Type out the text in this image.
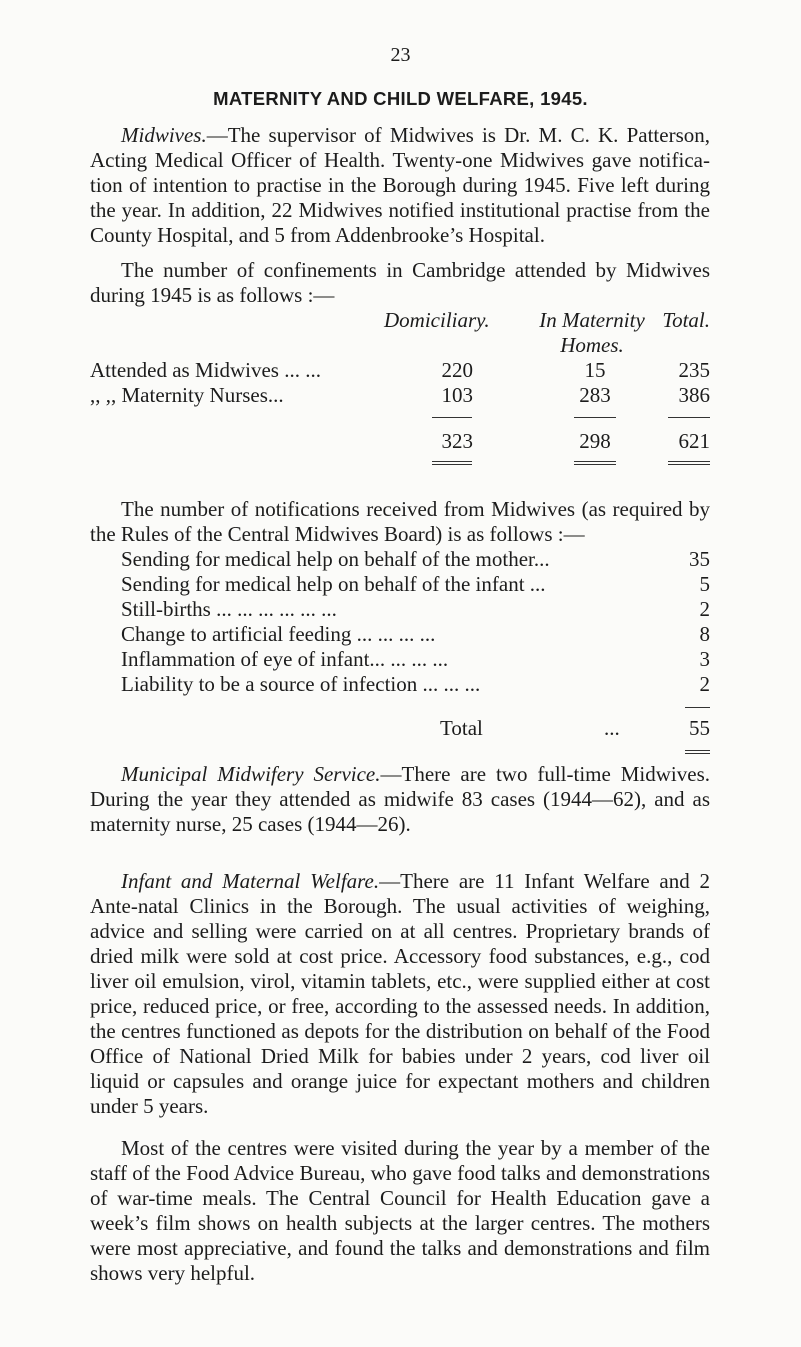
23
MATERNITY AND CHILD WELFARE, 1945.
Midwives.—The supervisor of Midwives is Dr. M. C. K. Patterson, Acting Medical Officer of Health. Twenty-one Midwives gave notification of intention to practise in the Borough during 1945. Five left during the year. In addition, 22 Midwives notified institutional practise from the County Hospital, and 5 from Addenbrooke’s Hospital.
The number of confinements in Cambridge attended by Midwives during 1945 is as follows :—
Domiciliary.	In Maternity Total.
Homes.
Attended as Midwives ... ...	220	15	235
,, ,, Maternity Nurses...	103	283	386
323	298	621
The number of notifications received from Midwives (as required by the Rules of the Central Midwives Board) is as follows :—
Sending for medical help on behalf of the mother...	35
Sending for medical help on behalf of the infant ...	5
Still-births ... ... ... ... ... ...	2
Change to artificial feeding ... ... ... ...	8
Inflammation of eye of infant... ... ... ...	3
Liability to be a source of infection ... ... ...	2
Total	...	55
Municipal Midwifery Service.—There are two full-time Midwives. During the year they attended as midwife 83 cases (1944—62), and as maternity nurse, 25 cases (1944—26).
Infant and Maternal Welfare.—There are 11 Infant Welfare and 2 Ante-natal Clinics in the Borough. The usual activities of weighing, advice and selling were carried on at all centres. Proprietary brands of dried milk were sold at cost price. Accessory food substances, e.g., cod liver oil emulsion, virol, vitamin tablets, etc., were supplied either at cost price, reduced price, or free, according to the assessed needs. In addition, the centres functioned as depots for the distribution on behalf of the Food Office of National Dried Milk for babies under 2 years, cod liver oil liquid or capsules and orange juice for expectant mothers and children under 5 years.
Most of the centres were visited during the year by a member of the staff of the Food Advice Bureau, who gave food talks and demonstrations of war-time meals. The Central Council for Health Education gave a week’s film shows on health subjects at the larger centres. The mothers were most appreciative, and found the talks and demonstrations and film shows very helpful.
